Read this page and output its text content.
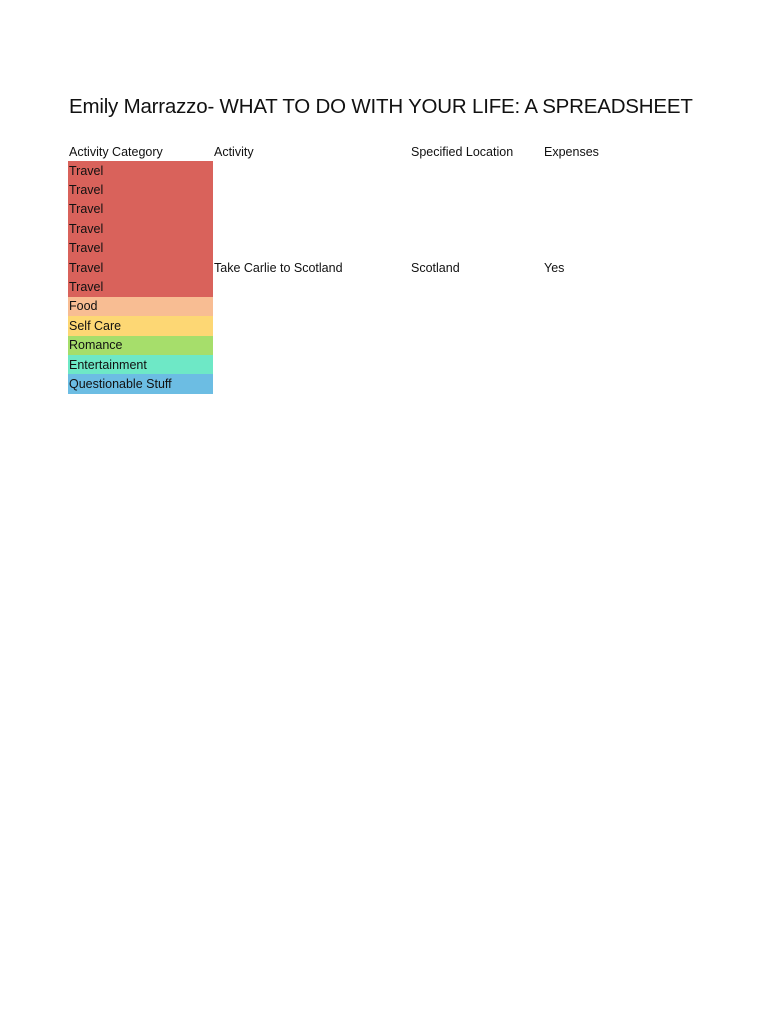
Emily Marrazzo- WHAT TO DO WITH YOUR LIFE: A SPREADSHEET
Activity Category	Activity	Specified Location	Expenses
Travel
Travel
Travel
Travel
Travel
Travel	Take Carlie to Scotland	Scotland	Yes
Travel
Food
Self Care
Romance
Entertainment
Questionable Stuff
